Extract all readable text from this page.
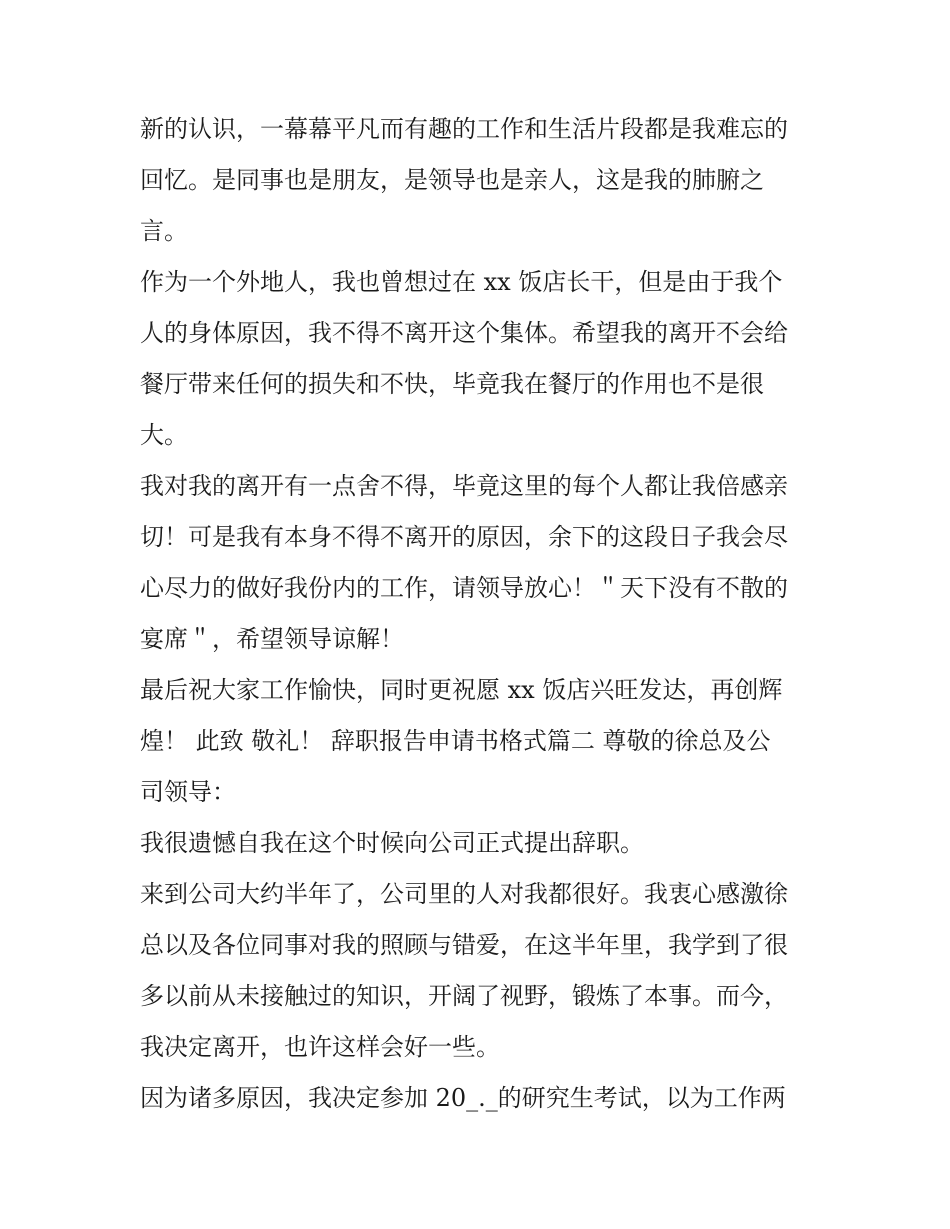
新的认识，一幕幕平凡而有趣的工作和生活片段都是我难忘的
回忆。是同事也是朋友，是领导也是亲人，这是我的肺腑之
言。
作为一个外地人，我也曾想过在 xx 饭店长干，但是由于我个
人的身体原因，我不得不离开这个集体。希望我的离开不会给
餐厅带来任何的损失和不快，毕竟我在餐厅的作用也不是很
大。
我对我的离开有一点舍不得，毕竟这里的每个人都让我倍感亲
切！可是我有本身不得不离开的原因，余下的这段日子我会尽
心尽力的做好我份内的工作，请领导放心！＂天下没有不散的
宴席＂，希望领导谅解！
最后祝大家工作愉快，同时更祝愿 xx 饭店兴旺发达，再创辉
煌！ 此致 敬礼！ 辞职报告申请书格式篇二 尊敬的徐总及公
司领导：
我很遗憾自我在这个时候向公司正式提出辞职。
来到公司大约半年了，公司里的人对我都很好。我衷心感激徐
总以及各位同事对我的照顾与错爱，在这半年里，我学到了很
多以前从未接触过的知识，开阔了视野，锻炼了本事。而今，
我决定离开，也许这样会好一些。
因为诸多原因，我决定参加 20_._的研究生考试，以为工作两
